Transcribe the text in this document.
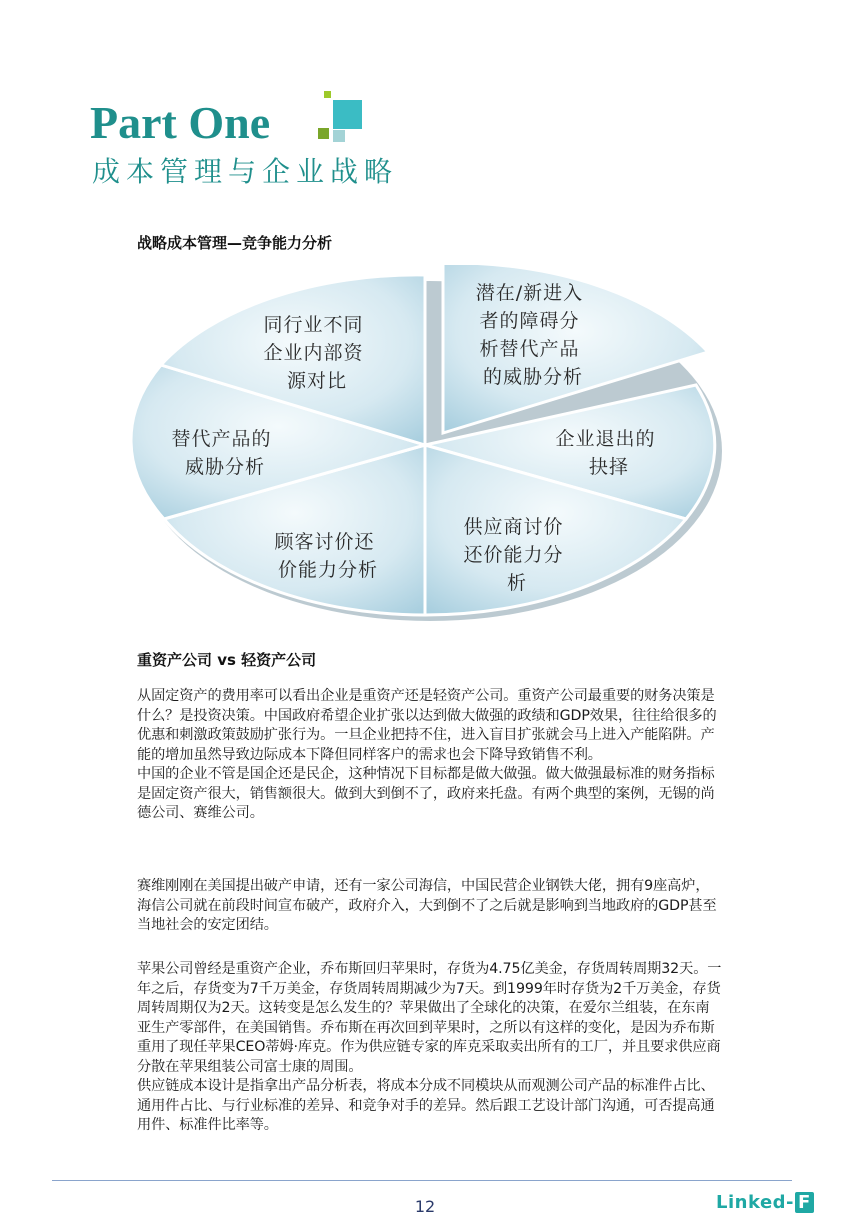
Part One
成本管理与企业战略
战略成本管理—竞争能力分析
潜在/新进入 者的障碍分 析替代产品 的威胁分析
企业退出的 抉择
供应商讨价 还价能力分 析
顾客讨价还 价能力分析
替代产品的 威胁分析
同行业不同 企业内部资 源对比
重资产公司 vs 轻资产公司

从固定资产的费用率可以看出企业是重资产还是轻资产公司。重资产公司最重要的财务决策是什么？是投资决策。中国政府希望企业扩张以达到做大做强的政绩和GDP效果，往往给很多的优惠和刺激政策鼓励扩张行为。一旦企业把持不住，进入盲目扩张就会马上进入产能陷阱。产能的增加虽然导致边际成本下降但同样客户的需求也会下降导致销售不利。

中国的企业不管是国企还是民企，这种情况下目标都是做大做强。做大做强最标准的财务指标是固定资产很大，销售额很大。做到大到倒不了，政府来托盘。有两个典型的案例，无锡的尚德公司、赛维公司。

赛维刚刚在美国提出破产申请，还有一家公司海信，中国民营企业钢铁大佬，拥有9座高炉，海信公司就在前段时间宣布破产，政府介入，大到倒不了之后就是影响到当地政府的GDP甚至当地社会的安定团结。

苹果公司曾经是重资产企业，乔布斯回归苹果时，存货为4.75亿美金，存货周转周期32天。一年之后，存货变为7千万美金，存货周转周期减少为7天。到1999年时存货为2千万美金，存货周转周期仅为2天。这转变是怎么发生的？苹果做出了全球化的决策，在爱尔兰组装，在东南亚生产零部件，在美国销售。乔布斯在再次回到苹果时，之所以有这样的变化，是因为乔布斯重用了现任苹果CEO蒂姆·库克。作为供应链专家的库克采取卖出所有的工厂，并且要求供应商分散在苹果组装公司富士康的周围。

供应链成本设计是指拿出产品分析表，将成本分成不同模块从而观测公司产品的标准件占比、通用件占比、与行业标准的差异、和竞争对手的差异。然后跟工艺设计部门沟通，可否提高通用件、标准件比率等。

12	Linked- F
